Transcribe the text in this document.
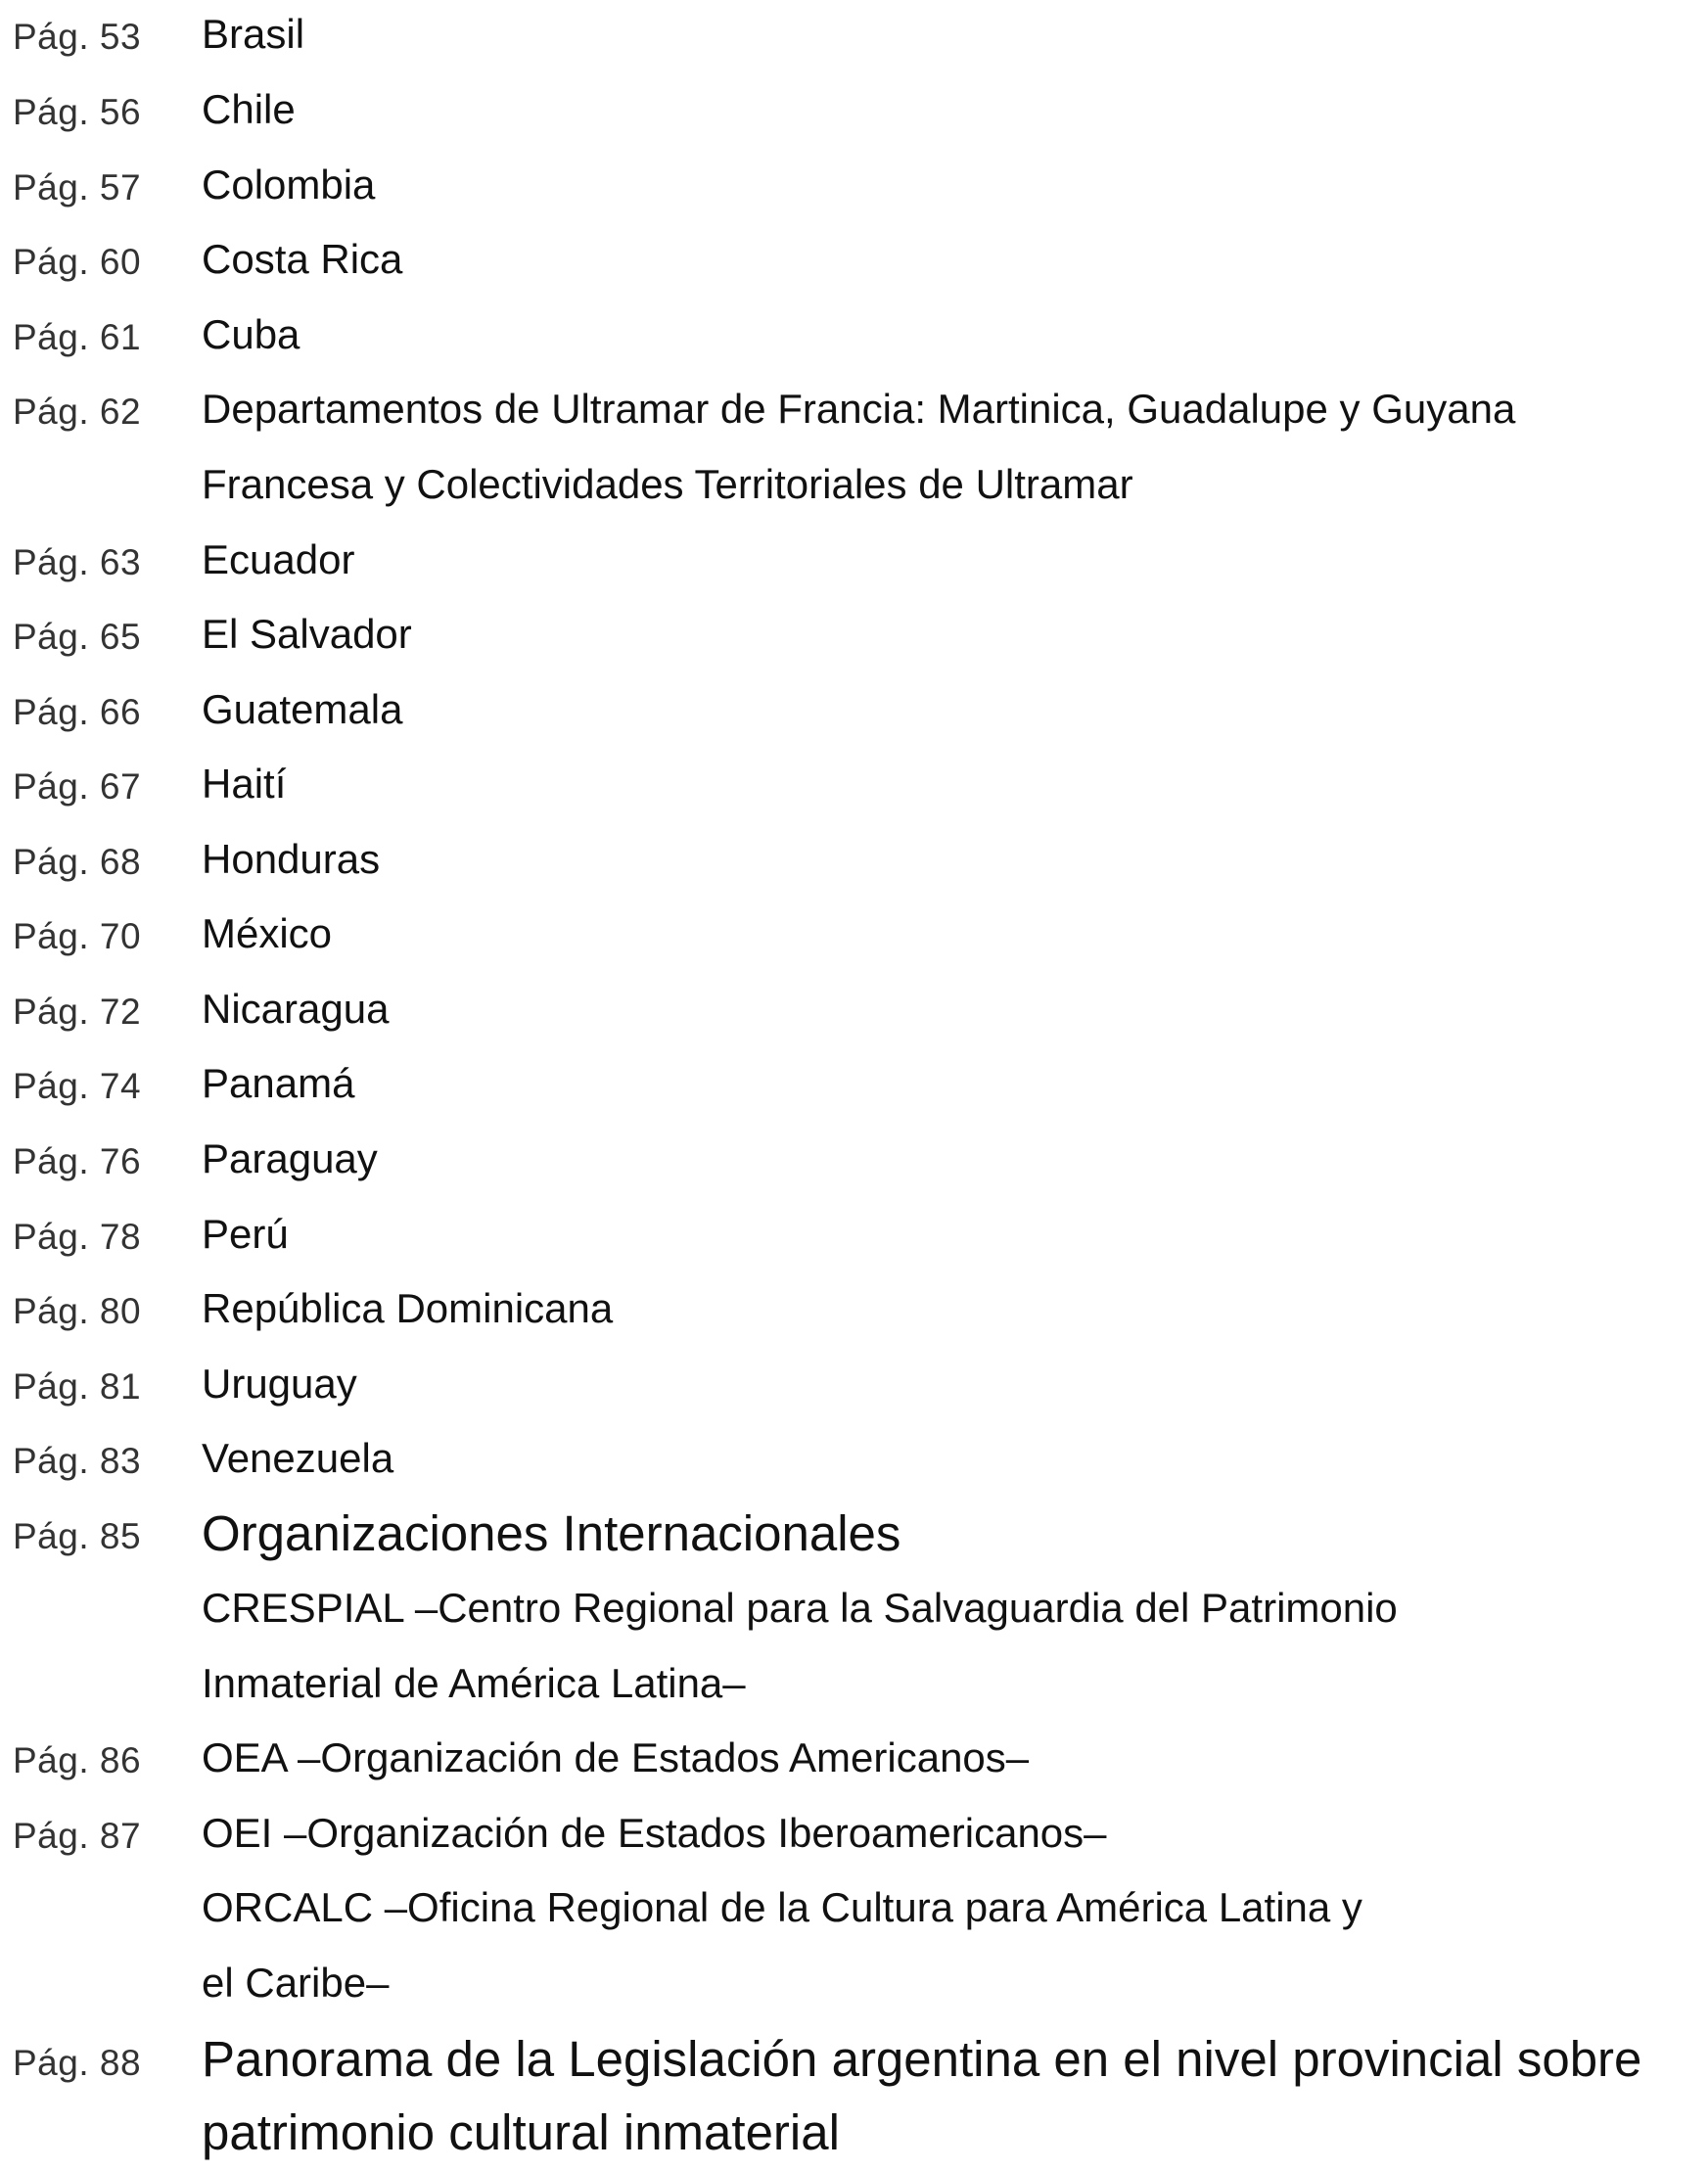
Pág. 53 Brasil
Pág. 56 Chile
Pág. 57 Colombia
Pág. 60 Costa Rica
Pág. 61 Cuba
Pág. 62 Departamentos de Ultramar de Francia: Martinica, Guadalupe y Guyana
Francesa y Colectividades Territoriales de Ultramar
Pág. 63 Ecuador
Pág. 65 El Salvador
Pág. 66 Guatemala
Pág. 67 Haití
Pág. 68 Honduras
Pág. 70 México
Pág. 72 Nicaragua
Pág. 74 Panamá
Pág. 76 Paraguay
Pág. 78 Perú
Pág. 80 República Dominicana
Pág. 81 Uruguay
Pág. 83 Venezuela
Pág. 85 Organizaciones Internacionales
CRESPIAL –Centro Regional para la Salvaguardia del Patrimonio
Inmaterial de América Latina–
Pág. 86 OEA –Organización de Estados Americanos–
Pág. 87 OEI –Organización de Estados Iberoamericanos–
ORCALC –Oficina Regional de la Cultura para América Latina y
el Caribe–
Pág. 88 Panorama de la Legislación argentina en el nivel provincial sobre
patrimonio cultural inmaterial
